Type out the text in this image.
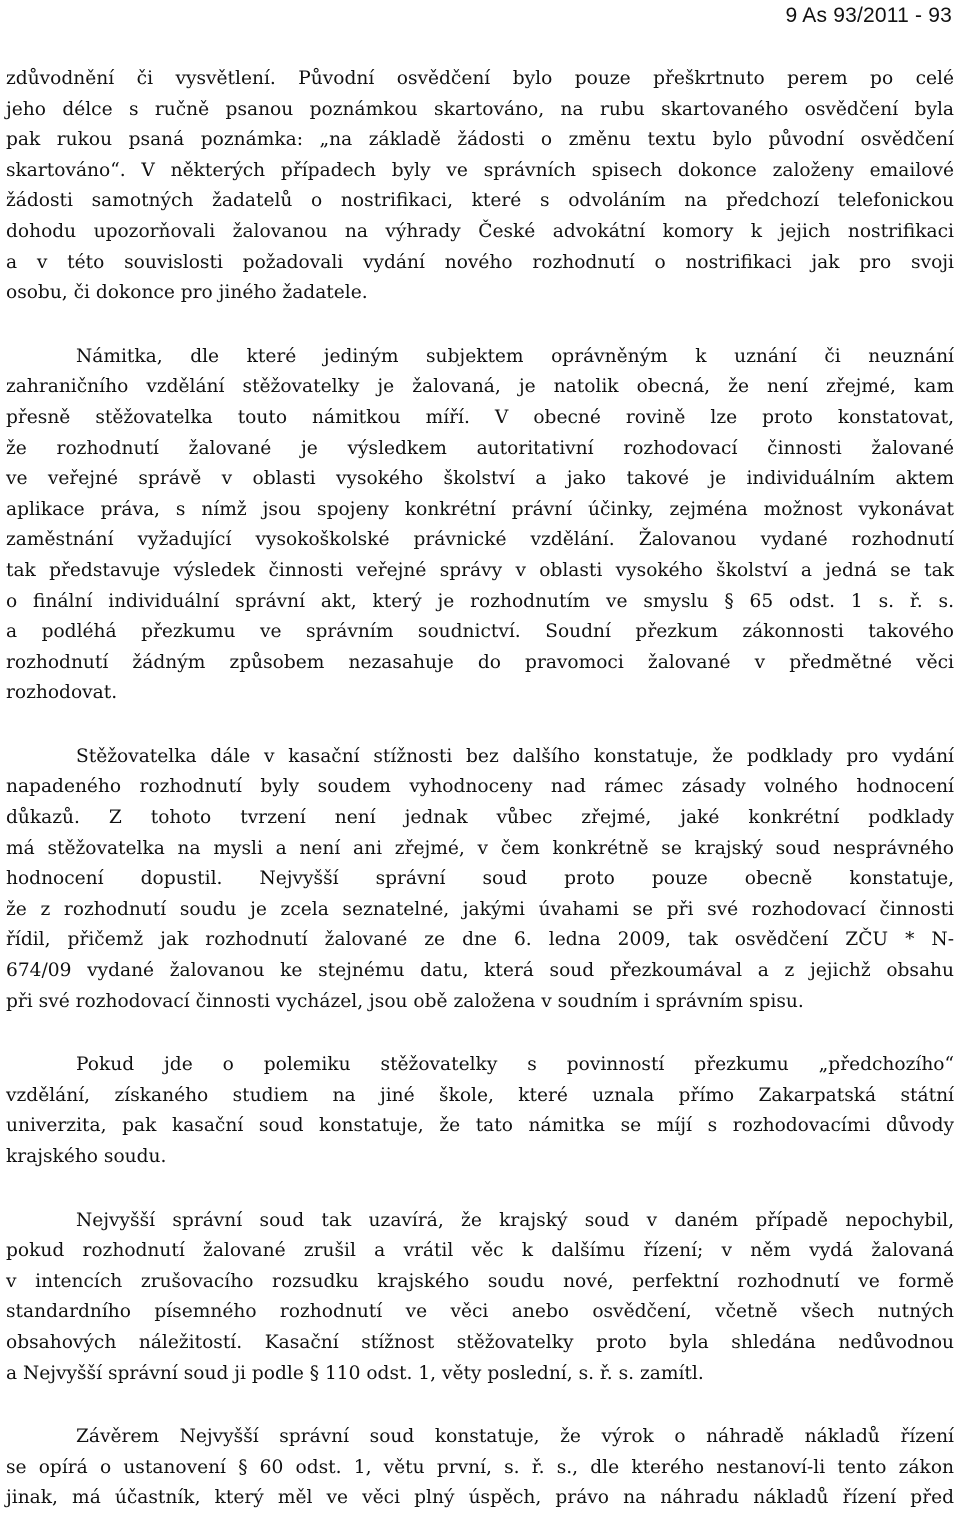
9 As 93/2011 - 93
zdůvodnění či vysvětlení. Původní osvědčení bylo pouze přeškrtnuto perem po celé
jeho délce s ručně psanou poznámkou skartováno, na rubu skartovaného osvědčení byla
pak rukou psaná poznámka: „na základě žádosti o změnu textu bylo původní osvědčení
skartováno“. V některých případech byly ve správních spisech dokonce založeny emailové
žádosti samotných žadatelů o nostrifikaci, které s odvoláním na předchozí telefonickou
dohodu upozorňovali žalovanou na výhrady České advokátní komory k jejich nostrifikaci
a v této souvislosti požadovali vydání nového rozhodnutí o nostrifikaci jak pro svoji
osobu, či dokonce pro jiného žadatele.
Námitka, dle které jediným subjektem oprávněným k uznání či neuznání
zahraničního vzdělání stěžovatelky je žalovaná, je natolik obecná, že není zřejmé, kam
přesně stěžovatelka touto námitkou míří. V obecné rovině lze proto konstatovat,
že rozhodnutí žalované je výsledkem autoritativní rozhodovací činnosti žalované
ve veřejné správě v oblasti vysokého školství a jako takové je individuálním aktem
aplikace práva, s nímž jsou spojeny konkrétní právní účinky, zejména možnost vykonávat
zaměstnání vyžadující vysokoškolské právnické vzdělání. Žalovanou vydané rozhodnutí
tak představuje výsledek činnosti veřejné správy v oblasti vysokého školství a jedná se tak
o finální individuální správní akt, který je rozhodnutím ve smyslu § 65 odst. 1 s. ř. s.
a podléhá přezkumu ve správním soudnictví. Soudní přezkum zákonnosti takového
rozhodnutí žádným způsobem nezasahuje do pravomoci žalované v předmětné věci
rozhodovat.
Stěžovatelka dále v kasační stížnosti bez dalšího konstatuje, že podklady pro vydání
napadeného rozhodnutí byly soudem vyhodnoceny nad rámec zásady volného hodnocení
důkazů. Z tohoto tvrzení není jednak vůbec zřejmé, jaké konkrétní podklady
má stěžovatelka na mysli a není ani zřejmé, v čem konkrétně se krajský soud nesprávného
hodnocení dopustil. Nejvyšší správní soud proto pouze obecně konstatuje,
že z rozhodnutí soudu je zcela seznatelné, jakými úvahami se při své rozhodovací činnosti
řídil, přičemž jak rozhodnutí žalované ze dne 6. ledna 2009, tak osvědčení ZČU * N-
674/09 vydané žalovanou ke stejnému datu, která soud přezkoumával a z jejichž obsahu
při své rozhodovací činnosti vycházel, jsou obě založena v soudním i správním spisu.
Pokud jde o polemiku stěžovatelky s povinností přezkumu „předchozího“
vzdělání, získaného studiem na jiné škole, které uznala přímo Zakarpatská státní
univerzita, pak kasační soud konstatuje, že tato námitka se míjí s rozhodovacími důvody
krajského soudu.
Nejvyšší správní soud tak uzavírá, že krajský soud v daném případě nepochybil,
pokud rozhodnutí žalované zrušil a vrátil věc k dalšímu řízení; v něm vydá žalovaná
v intencích zrušovacího rozsudku krajského soudu nové, perfektní rozhodnutí ve formě
standardního písemného rozhodnutí ve věci anebo osvědčení, včetně všech nutných
obsahových náležitostí. Kasační stížnost stěžovatelky proto byla shledána nedůvodnou
a Nejvyšší správní soud ji podle § 110 odst. 1, věty poslední, s. ř. s. zamítl.
Závěrem Nejvyšší správní soud konstatuje, že výrok o náhradě nákladů řízení
se opírá o ustanovení § 60 odst. 1, větu první, s. ř. s., dle kterého nestanoví-li tento zákon
jinak, má účastník, který měl ve věci plný úspěch, právo na náhradu nákladů řízení před
